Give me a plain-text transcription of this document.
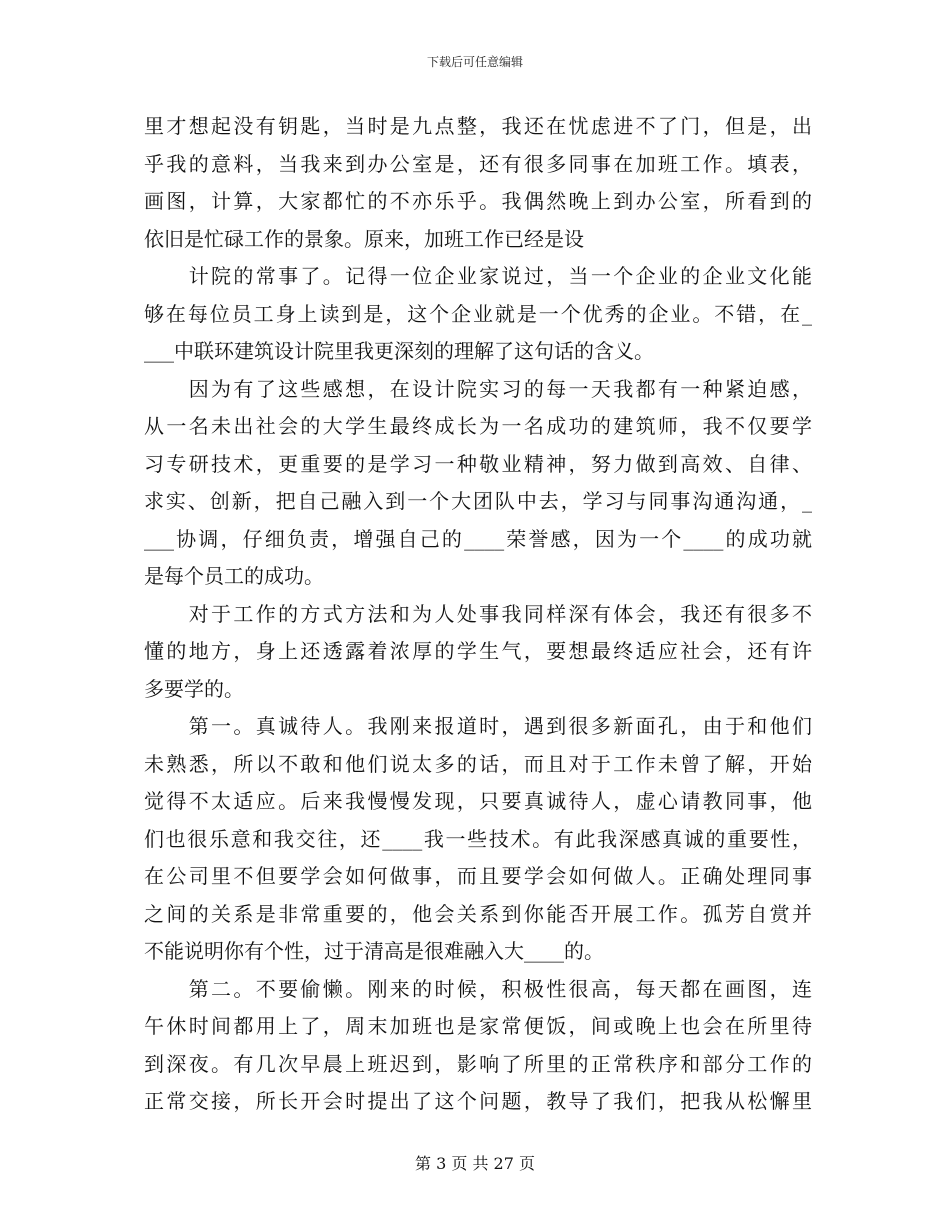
下载后可任意编辑
里才想起没有钥匙，当时是九点整，我还在忧虑进不了门，但是，出
乎我的意料，当我来到办公室是，还有很多同事在加班工作。填表，
画图，计算，大家都忙的不亦乐乎。我偶然晚上到办公室，所看到的
依旧是忙碌工作的景象。原来，加班工作已经是设
　　计院的常事了。记得一位企业家说过，当一个企业的企业文化能
够在每位员工身上读到是，这个企业就是一个优秀的企业。不错，在_
___中联环建筑设计院里我更深刻的理解了这句话的含义。
　　因为有了这些感想，在设计院实习的每一天我都有一种紧迫感，
从一名未出社会的大学生最终成长为一名成功的建筑师，我不仅要学
习专研技术，更重要的是学习一种敬业精神，努力做到高效、自律、
求实、创新，把自己融入到一个大团队中去，学习与同事沟通沟通，_
___协调，仔细负责，增强自己的____荣誉感，因为一个____的成功就
是每个员工的成功。
　　对于工作的方式方法和为人处事我同样深有体会，我还有很多不
懂的地方，身上还透露着浓厚的学生气，要想最终适应社会，还有许
多要学的。
　　第一。真诚待人。我刚来报道时，遇到很多新面孔，由于和他们
未熟悉，所以不敢和他们说太多的话，而且对于工作未曾了解，开始
觉得不太适应。后来我慢慢发现，只要真诚待人，虚心请教同事，他
们也很乐意和我交往，还____我一些技术。有此我深感真诚的重要性，
在公司里不但要学会如何做事，而且要学会如何做人。正确处理同事
之间的关系是非常重要的，他会关系到你能否开展工作。孤芳自赏并
不能说明你有个性，过于清高是很难融入大____的。
　　第二。不要偷懒。刚来的时候，积极性很高，每天都在画图，连
午休时间都用上了，周末加班也是家常便饭，间或晚上也会在所里待
到深夜。有几次早晨上班迟到，影响了所里的正常秩序和部分工作的
正常交接，所长开会时提出了这个问题，教导了我们，把我从松懈里
第 3 页 共 27 页
